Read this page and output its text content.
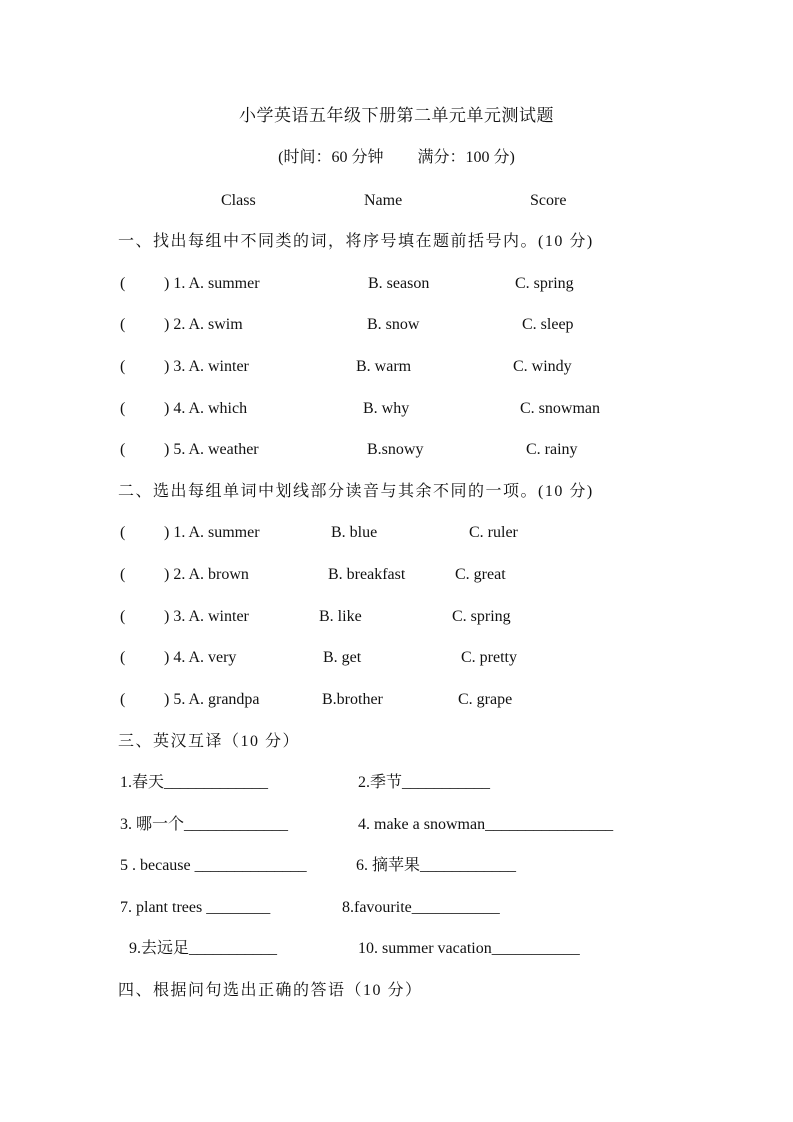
小学英语五年级下册第二单元单元测试题
(时间：60 分钟 满分：100 分)
Class	Name	Score
一、找出每组中不同类的词，将序号填在题前括号内。(10 分)
( ) 1. A. summer	B. season	C. spring
( ) 2. A. swim	B. snow	C. sleep
( ) 3. A. winter	B. warm	C. windy
( ) 4. A. which	B. why	C. snowman
( ) 5. A. weather	B.snowy	C. rainy
二、选出每组单词中划线部分读音与其余不同的一项。(10 分)
( ) 1. A. summer	B. blue	C. ruler
( ) 2. A. brown	B. breakfast	C. great
( ) 3. A. winter	B. like	C. spring
( ) 4. A. very	B. get	C. pretty
( ) 5. A. grandpa	B.brother	C. grape
三、英汉互译（10 分）
1.春天_____________	2.季节___________
3. 哪一个_____________	4. make a snowman________________
5 . because ______________	6. 摘苹果____________
7. plant trees ________	8.favourite___________
9.去远足___________	10. summer vacation___________
四、根据问句选出正确的答语（10 分）
